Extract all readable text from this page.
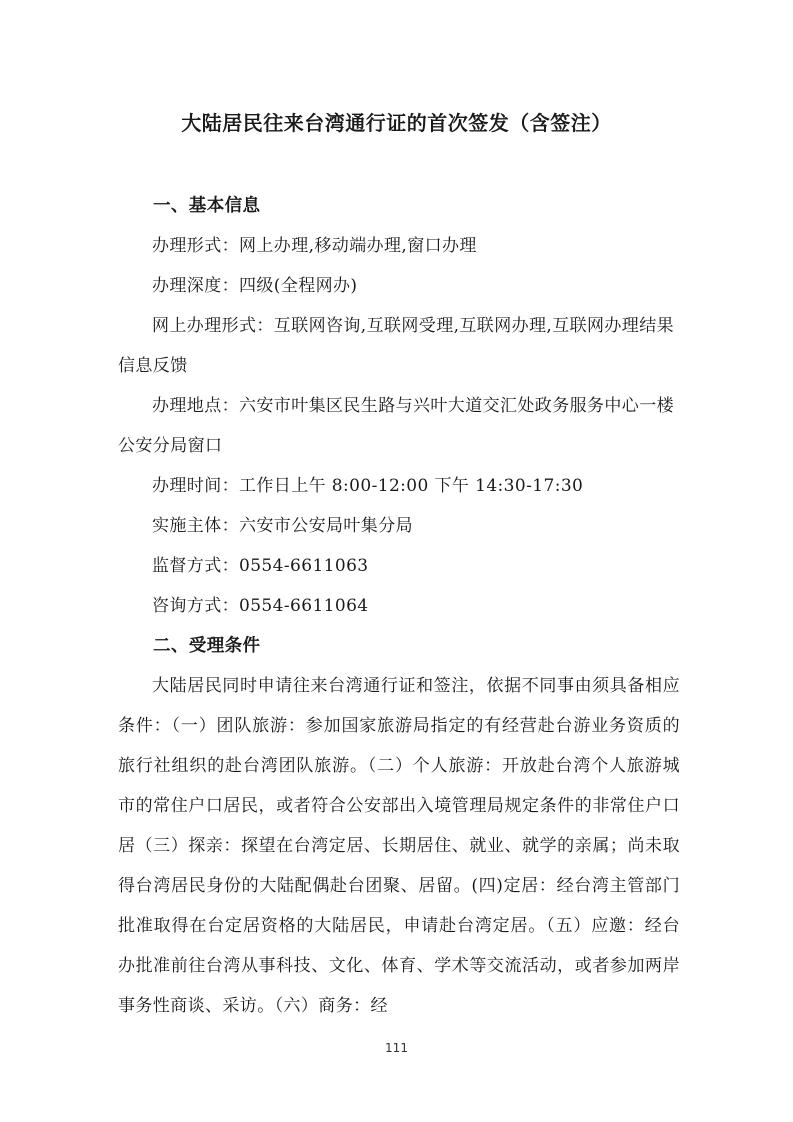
大陆居民往来台湾通行证的首次签发（含签注）

一、基本信息

办理形式：网上办理,移动端办理,窗口办理

办理深度：四级(全程网办)

网上办理形式：互联网咨询,互联网受理,互联网办理,互联网办理结果信息反馈

办理地点：六安市叶集区民生路与兴叶大道交汇处政务服务中心一楼公安分局窗口

办理时间：工作日上午 8:00-12:00 下午 14:30-17:30

实施主体：六安市公安局叶集分局

监督方式：0554-6611063

咨询方式：0554-6611064

二、受理条件

大陆居民同时申请往来台湾通行证和签注，依据不同事由须具备相应条件：（一）团队旅游：参加国家旅游局指定的有经营赴台游业务资质的旅行社组织的赴台湾团队旅游。（二）个人旅游：开放赴台湾个人旅游城市的常住户口居民，或者符合公安部出入境管理局规定条件的非常住户口居（三）探亲：探望在台湾定居、长期居住、就业、就学的亲属；尚未取得台湾居民身份的大陆配偶赴台团聚、居留。(四)定居：经台湾主管部门批准取得在台定居资格的大陆居民，申请赴台湾定居。（五）应邀：经台办批准前往台湾从事科技、文化、体育、学术等交流活动，或者参加两岸事务性商谈、采访。（六）商务：经

111
